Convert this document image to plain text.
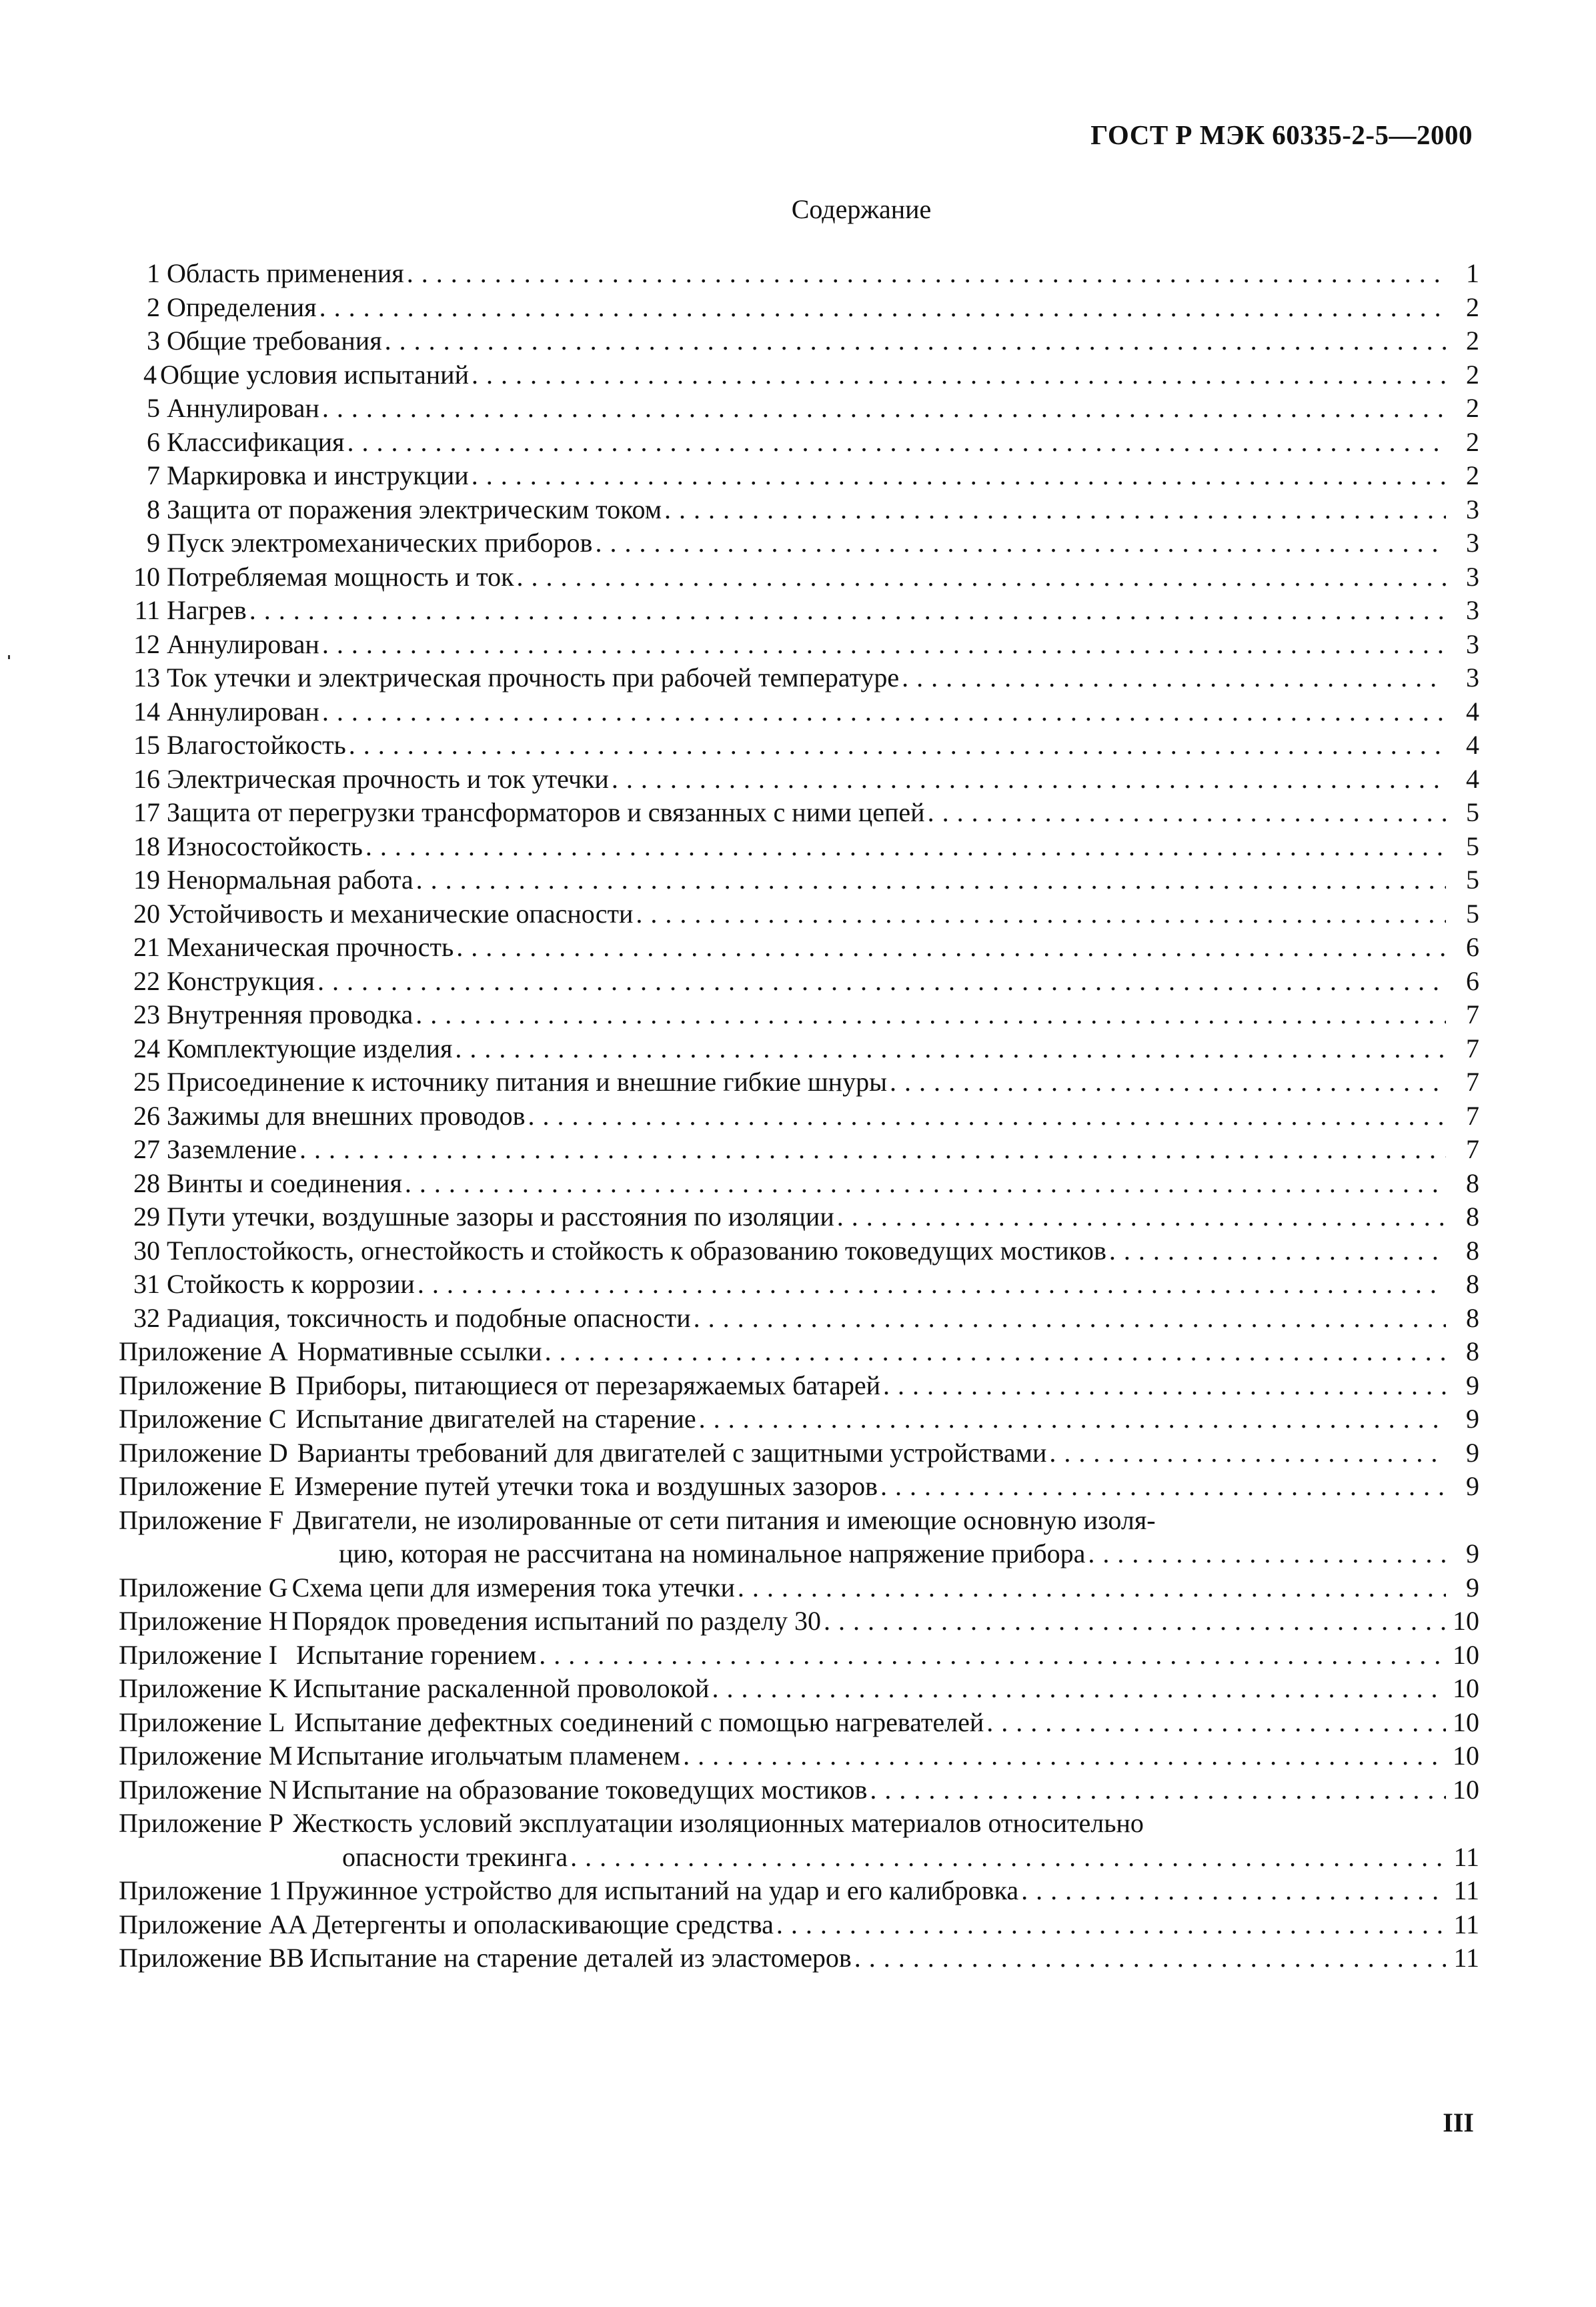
ГОСТ Р МЭК 60335-2-5—2000
Содержание
1 Область применения . . .	1
2 Определения . . .	2
3 Общие требования . . .	2
4 Общие условия испытаний . . .	2
5 Аннулирован . . .	2
6 Классификация . . .	2
7 Маркировка и инструкции . . .	2
8 Защита от поражения электрическим током . . .	3
9 Пуск электромеханических приборов . . .	3
10 Потребляемая мощность и ток . . .	3
11 Нагрев . . .	3
12 Аннулирован . . .	3
13 Ток утечки и электрическая прочность при рабочей температуре . . .	3
14 Аннулирован . . .	4
15 Влагостойкость . . .	4
16 Электрическая прочность и ток утечки . . .	4
17 Защита от перегрузки трансформаторов и связанных с ними цепей . . .	5
18 Износостойкость . . .	5
19 Ненормальная работа . . .	5
20 Устойчивость и механические опасности . . .	5
21 Механическая прочность . . .	6
22 Конструкция . . .	6
23 Внутренняя проводка . . .	7
24 Комплектующие изделия . . .	7
25 Присоединение к источнику питания и внешние гибкие шнуры . . .	7
26 Зажимы для внешних проводов . . .	7
27 Заземление . . .	7
28 Винты и соединения . . .	8
29 Пути утечки, воздушные зазоры и расстояния по изоляции . . .	8
30 Теплостойкость, огнестойкость и стойкость к образованию токоведущих мостиков . . .	8
31 Стойкость к коррозии . . .	8
32 Радиация, токсичность и подобные опасности . . .	8
Приложение A Нормативные ссылки . . .	8
Приложение B Приборы, питающиеся от перезаряжаемых батарей . . .	9
Приложение C Испытание двигателей на старение . . .	9
Приложение D Варианты требований для двигателей с защитными устройствами . . .	9
Приложение E Измерение путей утечки тока и воздушных зазоров . . .	9
Приложение F Двигатели, не изолированные от сети питания и имеющие основную изоля-
цию, которая не рассчитана на номинальное напряжение прибора . . .	9
Приложение G Схема цепи для измерения тока утечки . . .	9
Приложение H Порядок проведения испытаний по разделу 30 . . .	10
Приложение I Испытание горением . . .	10
Приложение K Испытание раскаленной проволокой . . .	10
Приложение L Испытание дефектных соединений с помощью нагревателей . . .	10
Приложение M Испытание игольчатым пламенем . . .	10
Приложение N Испытание на образование токоведущих мостиков . . .	10
Приложение P Жесткость условий эксплуатации изоляционных материалов относительно
опасности трекинга . . .	11
Приложение 1 Пружинное устройство для испытаний на удар и его калибровка . . .	11
Приложение AA Детергенты и ополаскивающие средства . . .	11
Приложение BB Испытание на старение деталей из эластомеров . . .	11
III
